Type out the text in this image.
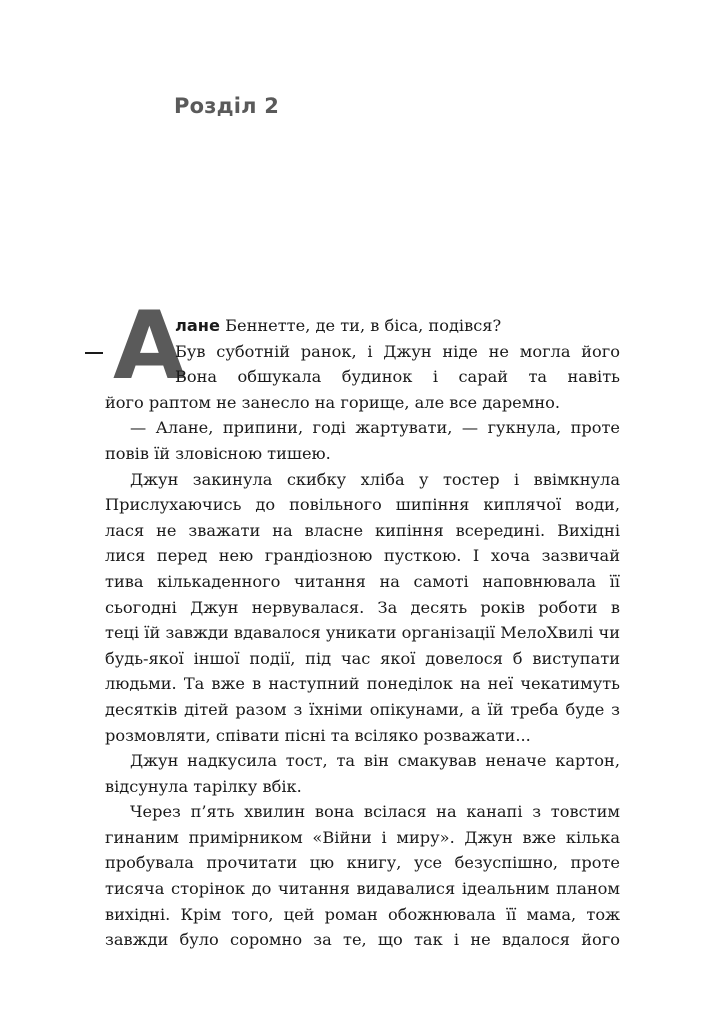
Розділ 2
А
лане Беннетте, де ти, в біса, подівся?
Був суботній ранок, і Джун ніде не могла його
Вона обшукала будинок і сарай та навіть
його раптом не занесло на горище, але все даремно.
— Алане, припини, годі жартувати, — гукнула, проте
повів їй зловісною тишею.
Джун закинула скибку хліба у тостер і ввімкнула
Прислухаючись до повільного шипіння киплячої води,
лася не зважати на власне кипіння всередині. Вихідні
лися перед нею грандіозною пусткою. І хоча зазвичай
тива кількаденного читання на самоті наповнювала її
сьогодні Джун нервувалася. За десять років роботи в
теці їй завжди вдавалося уникати організації МелоХвилі чи
будь-якої іншої події, під час якої довелося б виступати
людьми. Та вже в наступний понеділок на неї чекатимуть
десятків дітей разом з їхніми опікунами, а їй треба буде з
розмовляти, співати пісні та всіляко розважати...
Джун надкусила тост, та він смакував неначе картон,
відсунула тарілку вбік.
Через п’ять хвилин вона всілася на канапі з товстим
гинаним примірником «Війни і миру». Джун вже кілька
пробувала прочитати цю книгу, усе безуспішно, проте
тисяча сторінок до читання видавалися ідеальним планом
вихідні. Крім того, цей роман обожнювала її мама, тож
завжди було соромно за те, що так і не вдалося його
